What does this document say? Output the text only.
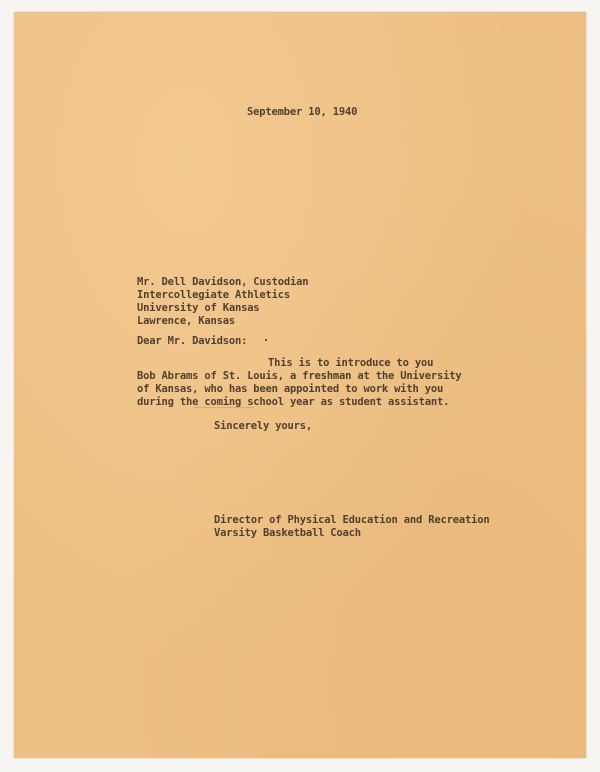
September 10, 1940
Mr. Dell Davidson, Custodian
Intercollegiate Athletics
University of Kansas
Lawrence, Kansas
Dear Mr. Davidson:
This is to introduce to you
Bob Abrams of St. Louis, a freshman at the University
of Kansas, who has been appointed to work with you
during the coming school year as student assistant.
Sincerely yours,
Director of Physical Education and Recreation
Varsity Basketball Coach
